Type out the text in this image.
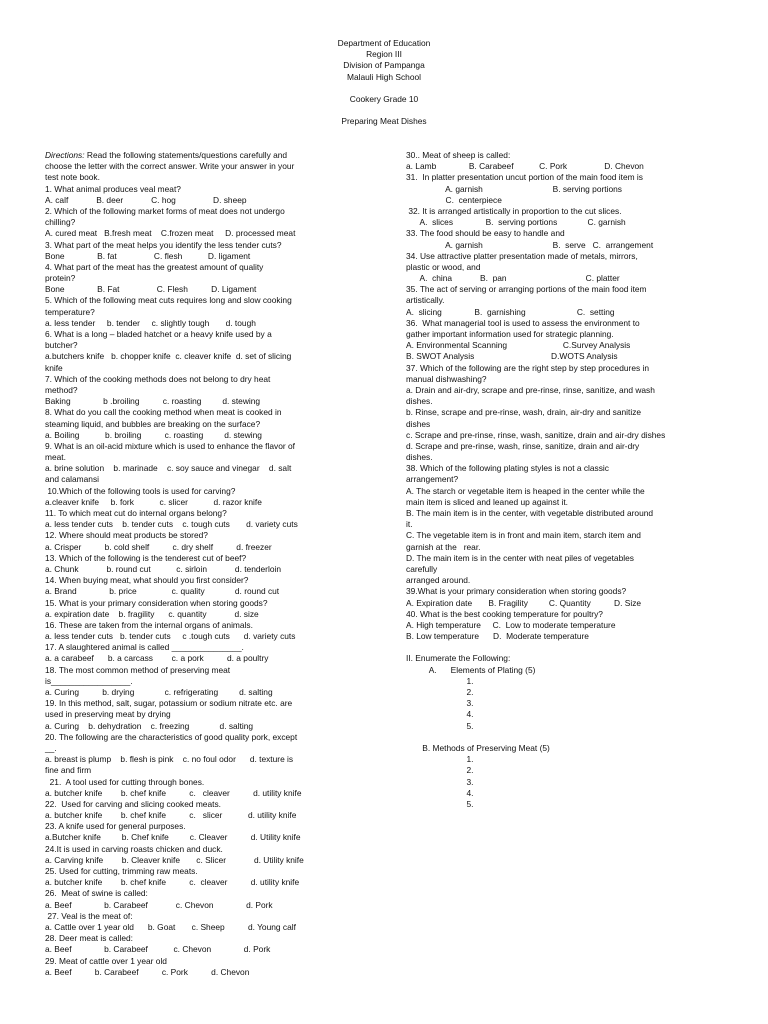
Department of Education
Region III
Division of Pampanga
Malauli High School
Cookery Grade 10
Preparing Meat Dishes
Directions: Read the following statements/questions carefully and
choose the letter with the correct answer. Write your answer in your
test note book.
1. What animal produces veal meat?
A. calf            B. deer            C. hog                D. sheep
2. Which of the following market forms of meat does not undergo
chilling?
A. cured meat   B.fresh meat    C.frozen meat     D. processed meat
3. What part of the meat helps you identify the less tender cuts?
Bone              B. fat                C. flesh           D. ligament
4. What part of the meat has the greatest amount of quality
protein?
Bone              B. Fat                C. Flesh          D. Ligament
5. Which of the following meat cuts requires long and slow cooking
temperature?
a. less tender     b. tender     c. slightly tough       d. tough
6. What is a long – bladed hatchet or a heavy knife used by a
butcher?
a.butchers knife   b. chopper knife  c. cleaver knife  d. set of slicing
knife
7. Which of the cooking methods does not belong to dry heat
method?
Baking              b .broiling          c. roasting         d. stewing
8. What do you call the cooking method when meat is cooked in
steaming liquid, and bubbles are breaking on the surface?
a. Boiling           b. broiling          c. roasting         d. stewing
9. What is an oil-acid mixture which is used to enhance the flavor of
meat.
a. brine solution    b. marinade    c. soy sauce and vinegar    d. salt
and calamansi
10.Which of the following tools is used for carving?
a.cleaver knife     b. fork           c. slicer           d. razor knife
11. To which meat cut do internal organs belong?
a. less tender cuts    b. tender cuts    c. tough cuts       d. variety cuts
12. Where should meat products be stored?
a. Crisper          b. cold shelf          c. dry shelf          d. freezer
13. Which of the following is the tenderest cut of beef?
a. Chunk            b. round cut           c. sirloin            d. tenderloin
14. When buying meat, what should you first consider?
a. Brand              b. price               c. quality             d. round cut
15. What is your primary consideration when storing goods?
a. expiration date    b. fragility      c. quantity            d. size
16. These are taken from the internal organs of animals.
a. less tender cuts   b. tender cuts     c .tough cuts      d. variety cuts
17. A slaughtered animal is called _______________.
a. a carabeef      b. a carcass        c. a pork          d. a poultry
18. The most common method of preserving meat
is_________________.
a. Curing          b. drying             c. refrigerating         d. salting
19. In this method, salt, sugar, potassium or sodium nitrate etc. are
used in preserving meat by drying
a. Curing    b. dehydration    c. freezing             d. salting
20. The following are the characteristics of good quality pork, except
__.
a. breast is plump    b. flesh is pink    c. no foul odor      d. texture is
fine and firm
21.  A tool used for cutting through bones.
a. butcher knife        b. chef knife          c.   cleaver          d. utility knife
22.  Used for carving and slicing cooked meats.
a. butcher knife        b. chef knife          c.   slicer           d. utility knife
23. A knife used for general purposes.
a.Butcher knife         b. Chef knife         c. Cleaver          d. Utility knife
24.It is used in carving roasts chicken and duck.
a. Carving knife        b. Cleaver knife       c. Slicer            d. Utility knife
25. Used for cutting, trimming raw meats.
a. butcher knife        b. chef knife          c.  cleaver          d. utility knife
26.  Meat of swine is called:
a. Beef              b. Carabeef            c. Chevon              d. Pork
27. Veal is the meat of:
a. Cattle over 1 year old      b. Goat       c. Sheep          d. Young calf
28. Deer meat is called:
a. Beef              b. Carabeef           c. Chevon              d. Pork
29. Meat of cattle over 1 year old
a. Beef          b. Carabeef          c. Pork          d. Chevon
30.. Meat of sheep is called:
a. Lamb              B. Carabeef           C. Pork                D. Chevon
31.  In platter presentation uncut portion of the main food item is
A. garnish                              B. serving portions
C.  centerpiece
32. It is arranged artistically in proportion to the cut slices.
A.  slices              B.  serving portions             C. garnish
33. The food should be easy to handle and
A. garnish                              B.  serve   C.  arrangement
34. Use attractive platter presentation made of metals, mirrors,
plastic or wood, and
A.  china            B.  pan                                  C. platter
35. The act of serving or arranging portions of the main food item
artistically.
A.  slicing              B.  garnishing                      C.  setting
36.  What managerial tool is used to assess the environment to
gather important information used for strategic planning.
A. Environmental Scanning                        C.Survey Analysis
B. SWOT Analysis                                 D.WOTS Analysis
37. Which of the following are the right step by step procedures in
manual dishwashing?
a. Drain and air-dry, scrape and pre-rinse, rinse, sanitize, and wash
dishes.
b. Rinse, scrape and pre-rinse, wash, drain, air-dry and sanitize
dishes
c. Scrape and pre-rinse, rinse, wash, sanitize, drain and air-dry dishes
d. Scrape and pre-rinse, wash, rinse, sanitize, drain and air-dry
dishes.
38. Which of the following plating styles is not a classic
arrangement?
A. The starch or vegetable item is heaped in the center while the
main item is sliced and leaned up against it.
B. The main item is in the center, with vegetable distributed around
it.
C. The vegetable item is in front and main item, starch item and
garnish at the   rear.
D. The main item is in the center with neat piles of vegetables
carefully
arranged around.
39.What is your primary consideration when storing goods?
A. Expiration date       B. Fragility         C. Quantity          D. Size
40. What is the best cooking temperature for poultry?
A. High temperature     C.  Low to moderate temperature
B. Low temperature      D.  Moderate temperature
II. Enumerate the Following:
A.      Elements of Plating (5)
1.
2.
3.
4.
5.
B. Methods of Preserving Meat (5)
1.
2.
3.
4.
5.
